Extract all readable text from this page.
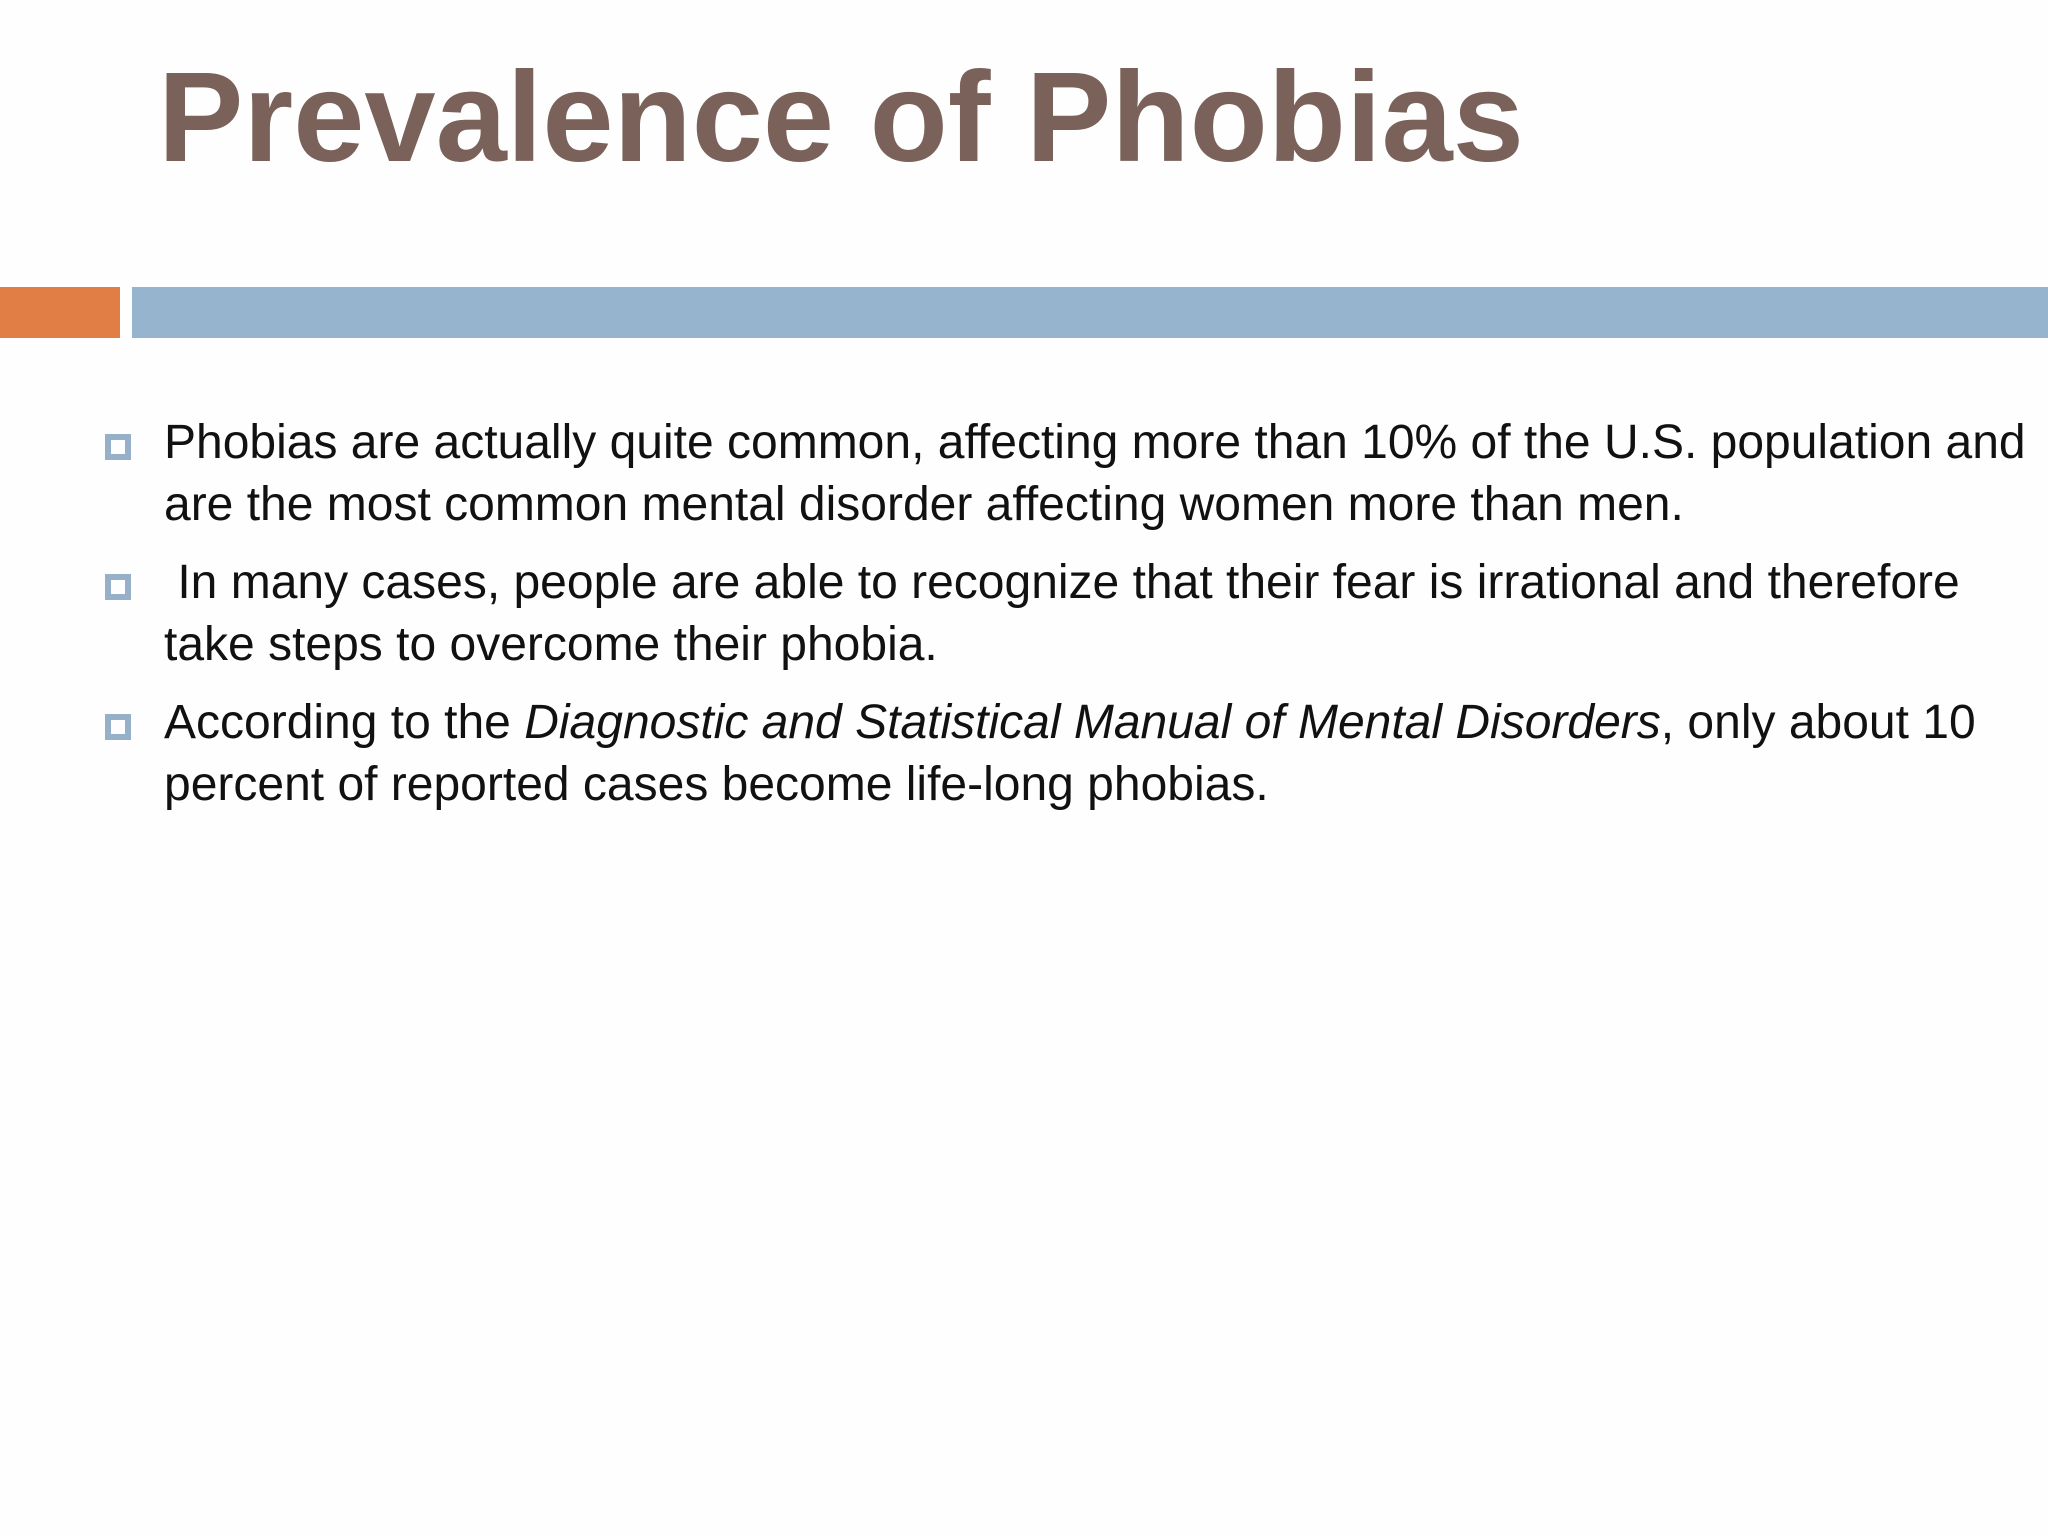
Prevalence of Phobias
Phobias are actually quite common, affecting more than 10% of the U.S. population and are the most common mental disorder affecting women more than men.
In many cases, people are able to recognize that their fear is irrational and therefore take steps to overcome their phobia.
According to the Diagnostic and Statistical Manual of Mental Disorders, only about 10 percent of reported cases become life-long phobias.
